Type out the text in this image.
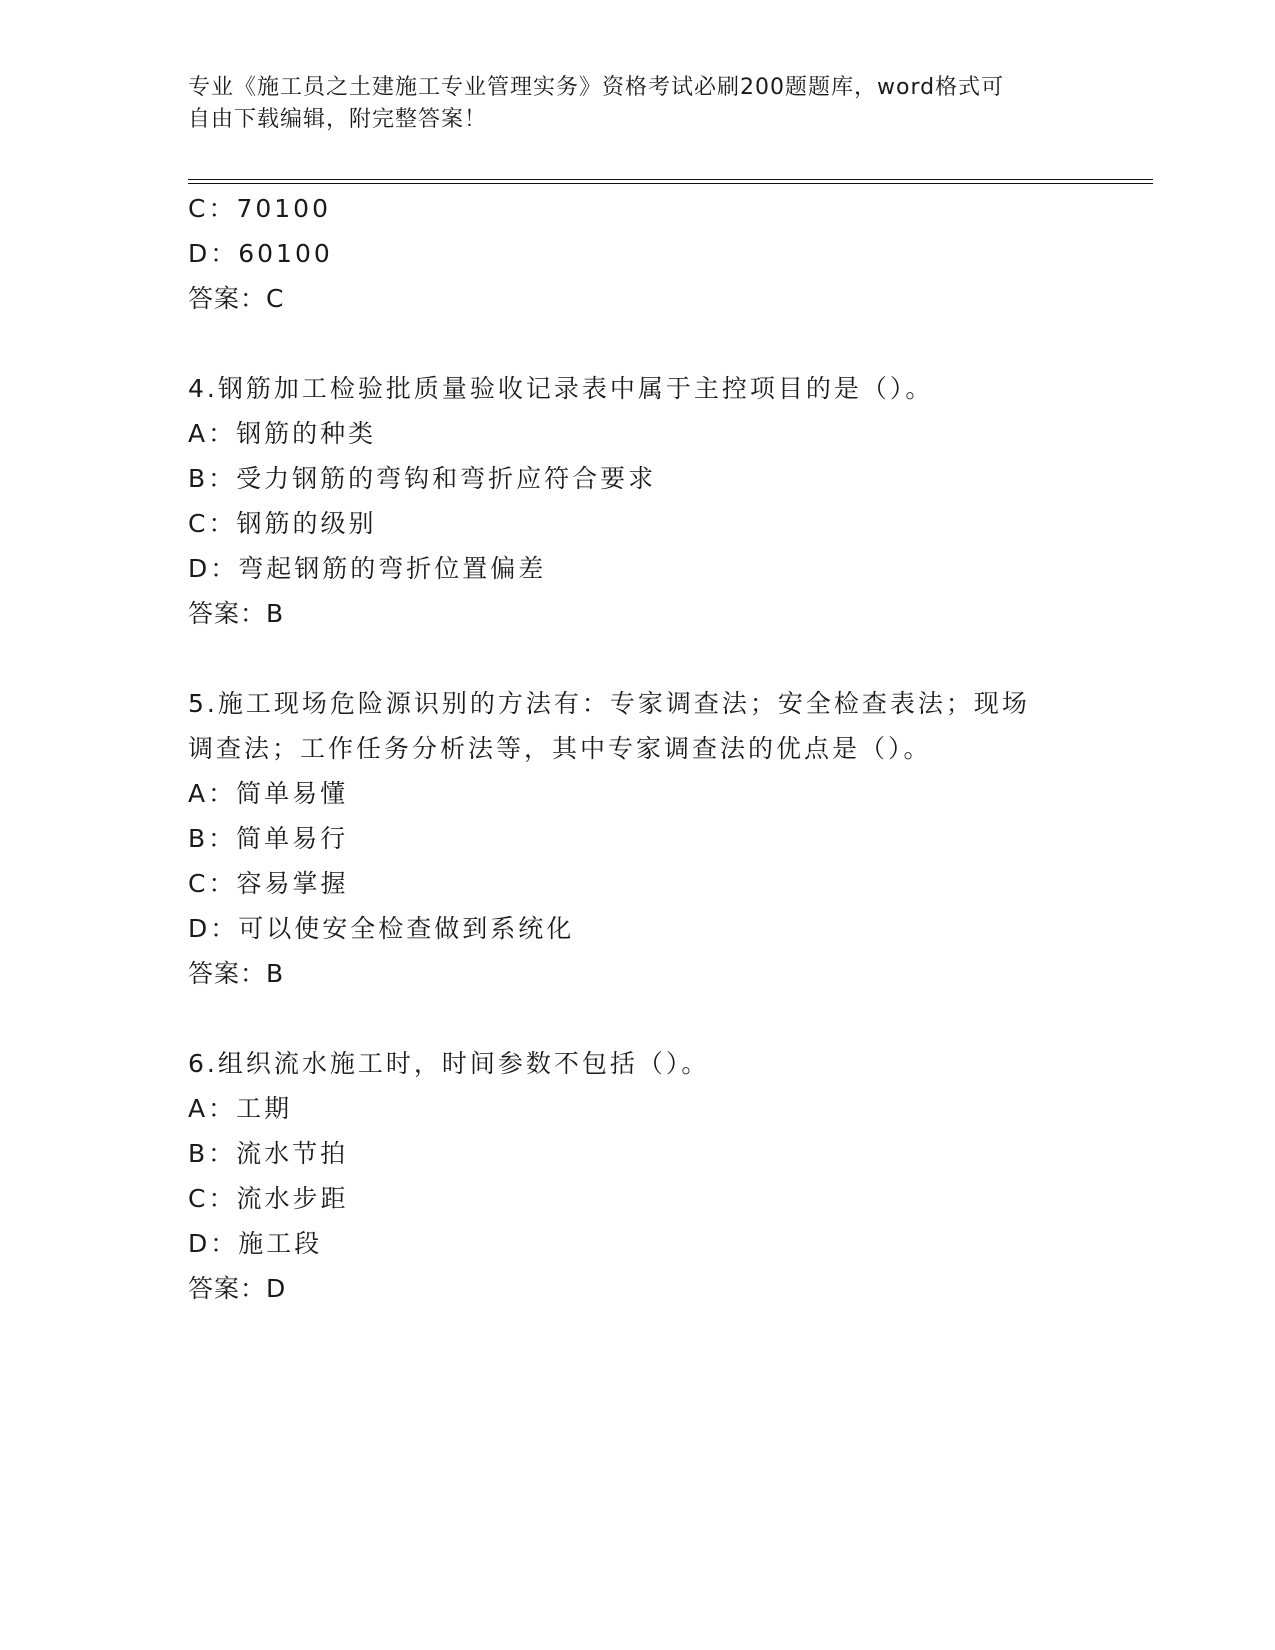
专业《施工员之土建施工专业管理实务》资格考试必刷200题题库，word格式可
自由下载编辑，附完整答案！
C：70100
D：60100
答案：C
4.钢筋加工检验批质量验收记录表中属于主控项目的是（）。
A：钢筋的种类
B：受力钢筋的弯钩和弯折应符合要求
C：钢筋的级别
D：弯起钢筋的弯折位置偏差
答案：B
5.施工现场危险源识别的方法有：专家调查法；安全检查表法；现场
调查法；工作任务分析法等，其中专家调查法的优点是（）。
A：简单易懂
B：简单易行
C：容易掌握
D：可以使安全检查做到系统化
答案：B
6.组织流水施工时，时间参数不包括（）。
A：工期
B：流水节拍
C：流水步距
D：施工段
答案：D
